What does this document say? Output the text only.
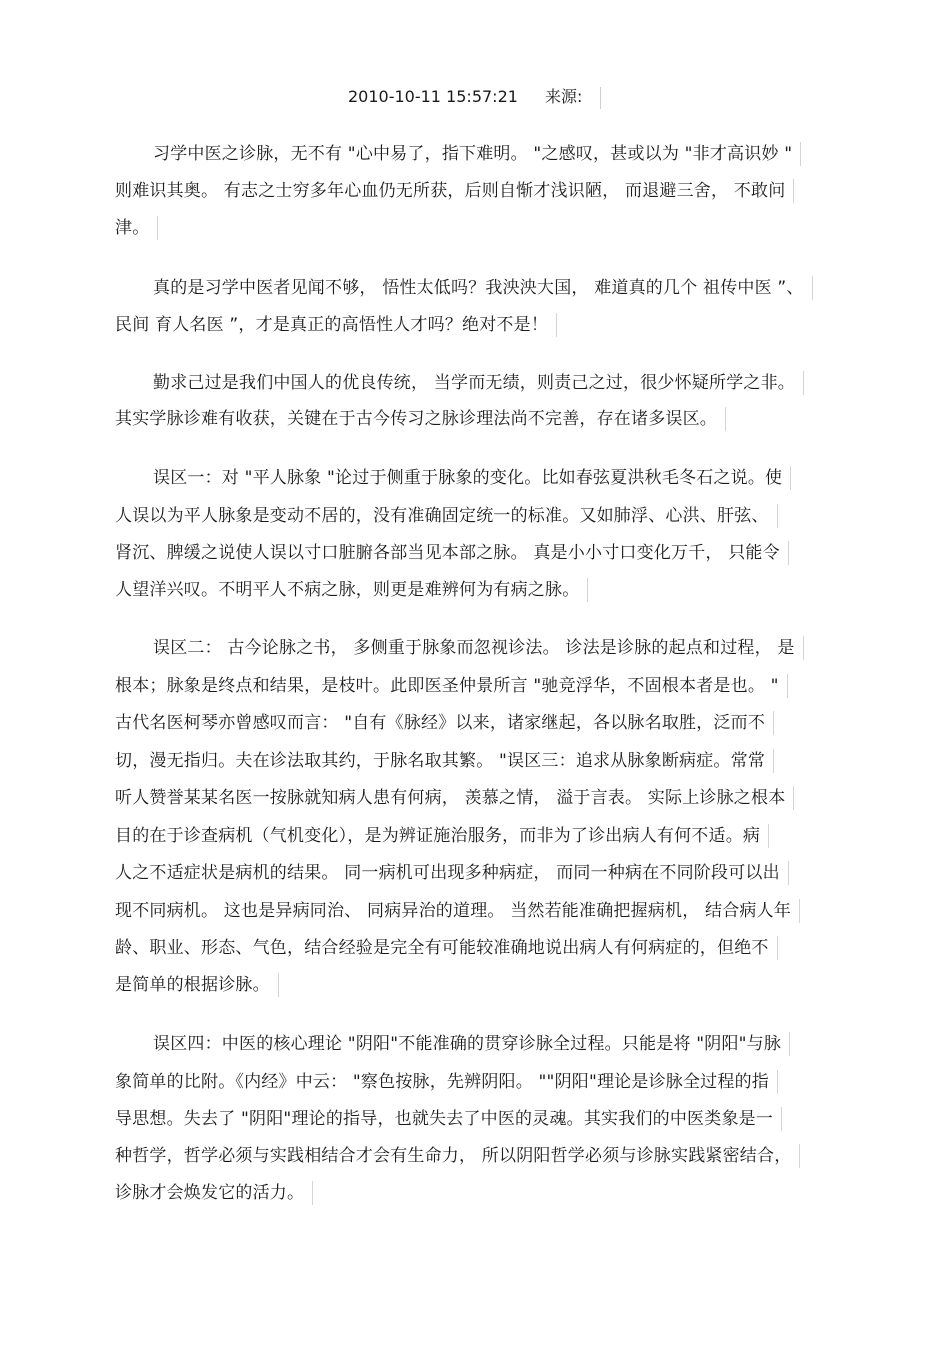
2010-10-11 15:57:21 来源:
习学中医之诊脉，无不有 "心中易了，指下难明。 "之感叹，甚或以为 "非才高识妙 "
则难识其奥。 有志之士穷多年心血仍无所获，后则自惭才浅识陋， 而退避三舍， 不敢问
津。
真的是习学中医者见闻不够， 悟性太低吗？我泱泱大国， 难道真的几个 祖传中医 ”、
民间 育人名医 ”，才是真正的高悟性人才吗？绝对不是！
勤求己过是我们中国人的优良传统， 当学而无绩，则责己之过，很少怀疑所学之非。
其实学脉诊难有收获，关键在于古今传习之脉诊理法尚不完善，存在诸多误区。
误区一：对 "平人脉象 "论过于侧重于脉象的变化。比如春弦夏洪秋毛冬石之说。使
人误以为平人脉象是变动不居的，没有准确固定统一的标准。又如肺浮、心洪、肝弦、
肾沉、脾缓之说使人误以寸口脏腑各部当见本部之脉。 真是小小寸口变化万千， 只能令
人望洋兴叹。不明平人不病之脉，则更是难辨何为有病之脉。
误区二： 古今论脉之书， 多侧重于脉象而忽视诊法。 诊法是诊脉的起点和过程， 是
根本；脉象是终点和结果，是枝叶。此即医圣仲景所言 "驰竞浮华，不固根本者是也。 "
古代名医柯琴亦曾感叹而言： "自有《脉经》以来，诸家继起，各以脉名取胜，泛而不
切，漫无指归。夫在诊法取其约，于脉名取其繁。 "误区三：追求从脉象断病症。常常
听人赞誉某某名医一按脉就知病人患有何病， 羡慕之情， 溢于言表。 实际上诊脉之根本
目的在于诊查病机（气机变化），是为辨证施治服务，而非为了诊出病人有何不适。病
人之不适症状是病机的结果。 同一病机可出现多种病症， 而同一种病在不同阶段可以出
现不同病机。 这也是异病同治、 同病异治的道理。 当然若能准确把握病机， 结合病人年
龄、职业、形态、气色，结合经验是完全有可能较准确地说出病人有何病症的，但绝不
是简单的根据诊脉。
误区四：中医的核心理论 "阴阳"不能准确的贯穿诊脉全过程。只能是将 "阴阳"与脉
象简单的比附。《内经》中云： "察色按脉，先辨阴阳。 ""阴阳"理论是诊脉全过程的指
导思想。失去了 "阴阳"理论的指导，也就失去了中医的灵魂。其实我们的中医类象是一
种哲学，哲学必须与实践相结合才会有生命力， 所以阴阳哲学必须与诊脉实践紧密结合，
诊脉才会焕发它的活力。
